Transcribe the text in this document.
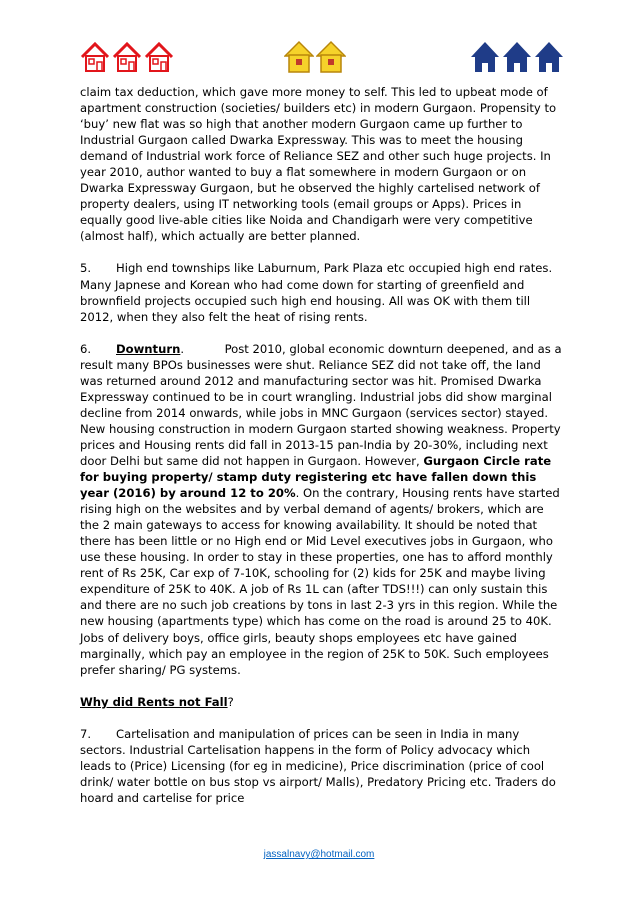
claim tax deduction, which gave more money to self. This led to upbeat mode of apartment construction (societies/ builders etc) in modern Gurgaon. Propensity to ‘buy’ new flat was so high that another modern Gurgaon came up further to Industrial Gurgaon called Dwarka Expressway. This was to meet the housing demand of Industrial work force of Reliance SEZ and other such huge projects. In year 2010, author wanted to buy a flat somewhere in modern Gurgaon or on Dwarka Expressway Gurgaon, but he observed the highly cartelised network of property dealers, using IT networking tools (email groups or Apps). Prices in equally good live-able cities like Noida and Chandigarh were very competitive (almost half), which actually are better planned.

5. High end townships like Laburnum, Park Plaza etc occupied high end rates. Many Japnese and Korean who had come down for starting of greenfield and brownfield projects occupied such high end housing. All was OK with them till 2012, when they also felt the heat of rising rents.

6. Downturn.	Post 2010, global economic downturn deepened, and as a result many BPOs businesses were shut. Reliance SEZ did not take off, the land was returned around 2012 and manufacturing sector was hit. Promised Dwarka Expressway continued to be in court wrangling. Industrial jobs did show marginal decline from 2014 onwards, while jobs in MNC Gurgaon (services sector) stayed. New housing construction in modern Gurgaon started showing weakness. Property prices and Housing rents did fall in 2013-15 pan-India by 20-30%, including next door Delhi but same did not happen in Gurgaon. However, Gurgaon Circle rate for buying property/ stamp duty registering etc have fallen down this year (2016) by around 12 to 20%. On the contrary, Housing rents have started rising high on the websites and by verbal demand of agents/ brokers, which are the 2 main gateways to access for knowing availability. It should be noted that there has been little or no High end or Mid Level executives jobs in Gurgaon, who use these housing. In order to stay in these properties, one has to afford monthly rent of Rs 25K, Car exp of 7-10K, schooling for (2) kids for 25K and maybe living expenditure of 25K to 40K. A job of Rs 1L can (after TDS!!!) can only sustain this and there are no such job creations by tons in last 2-3 yrs in this region. While the new housing (apartments type) which has come on the road is around 25 to 40K. Jobs of delivery boys, office girls, beauty shops employees etc have gained marginally, which pay an employee in the region of 25K to 50K. Such employees prefer sharing/ PG systems.

Why did Rents not Fall?

7. Cartelisation and manipulation of prices can be seen in India in many sectors. Industrial Cartelisation happens in the form of Policy advocacy which leads to (Price) Licensing (for eg in medicine), Price discrimination (price of cool drink/ water bottle on bus stop vs airport/ Malls), Predatory Pricing etc. Traders do hoard and cartelise for price

jassalnavy@hotmail.com
